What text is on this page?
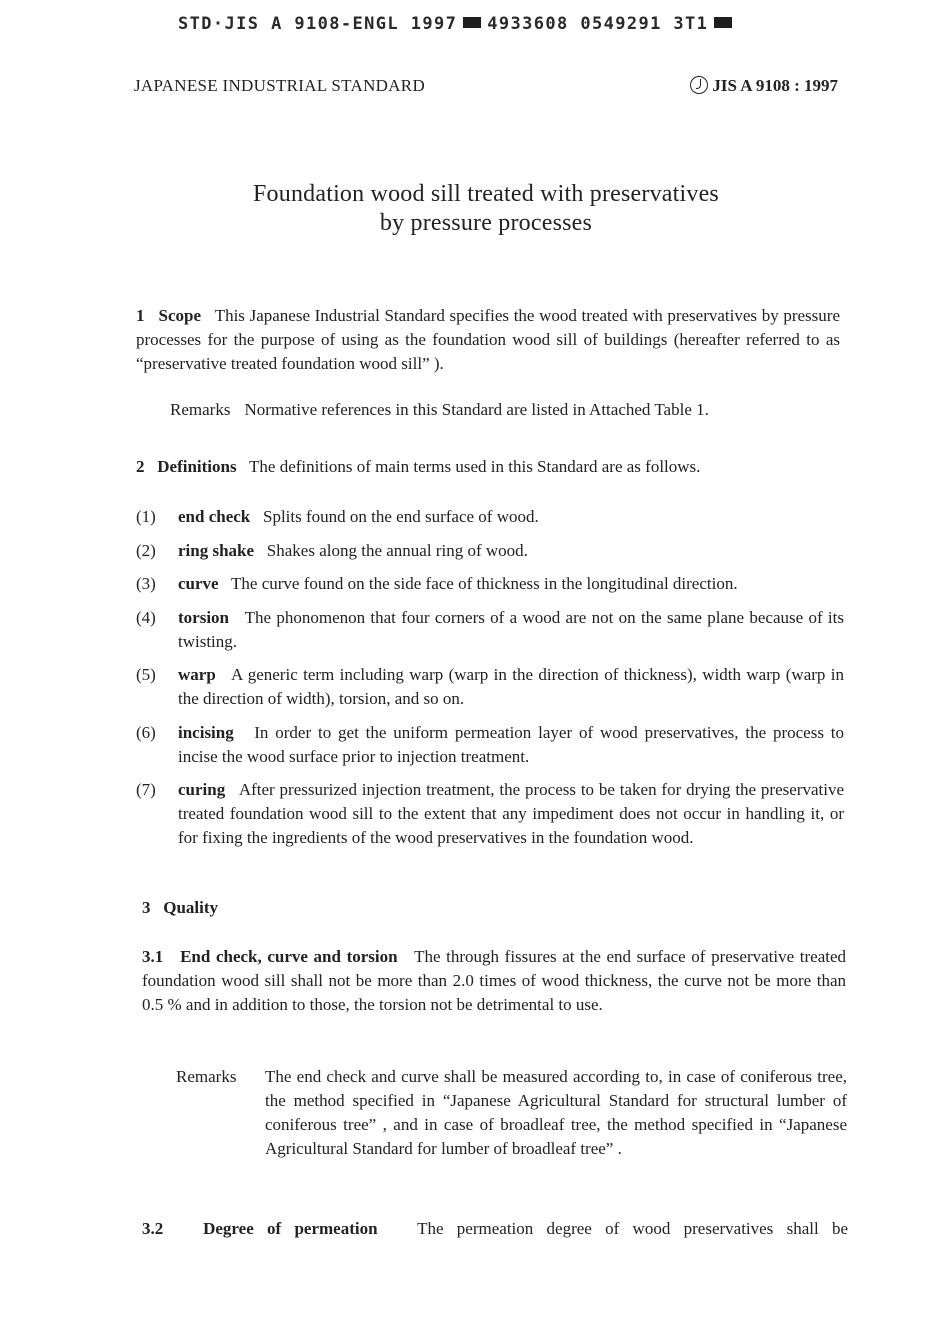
STD·JIS A 9108-ENGL 1997 4933608 0549291 3T1
JAPANESE INDUSTRIAL STANDARD	JIS A 9108 : 1997
Foundation wood sill treated with preservatives
by pressure processes
1 Scope This Japanese Industrial Standard specifies the wood treated with preservatives by pressure processes for the purpose of using as the foundation wood sill of buildings (hereafter referred to as “preservative treated foundation wood sill” ).
Remarks Normative references in this Standard are listed in Attached Table 1.
2 Definitions The definitions of main terms used in this Standard are as follows.
(1) end check Splits found on the end surface of wood.
(2) ring shake Shakes along the annual ring of wood.
(3) curve The curve found on the side face of thickness in the longitudinal direction.
(4) torsion The phonomenon that four corners of a wood are not on the same plane because of its twisting.
(5) warp A generic term including warp (warp in the direction of thickness), width warp (warp in the direction of width), torsion, and so on.
(6) incising In order to get the uniform permeation layer of wood preservatives, the process to incise the wood surface prior to injection treatment.
(7) curing After pressurized injection treatment, the process to be taken for drying the preservative treated foundation wood sill to the extent that any impediment does not occur in handling it, or for fixing the ingredients of the wood preservatives in the foundation wood.
3 Quality
3.1 End check, curve and torsion The through fissures at the end surface of preservative treated foundation wood sill shall not be more than 2.0 times of wood thickness, the curve not be more than 0.5 % and in addition to those, the torsion not be detrimental to use.
Remarks The end check and curve shall be measured according to, in case of coniferous tree, the method specified in “Japanese Agricultural Standard for structural lumber of coniferous tree” , and in case of broadleaf tree, the method specified in “Japanese Agricultural Standard for lumber of broadleaf tree” .
3.2 Degree of permeation The permeation degree of wood preservatives shall be
